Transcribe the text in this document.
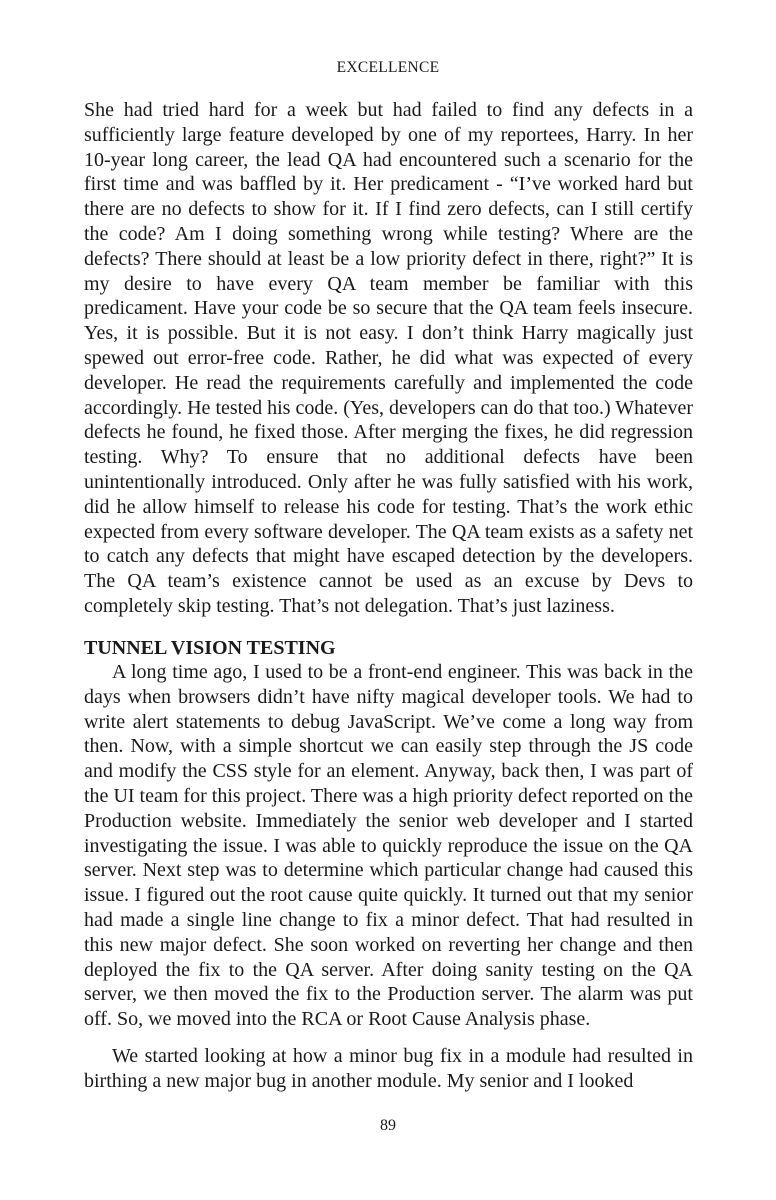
EXCELLENCE

She had tried hard for a week but had failed to find any defects in a sufficiently large feature developed by one of my reportees, Harry. In her 10-year long career, the lead QA had encountered such a scenario for the first time and was baffled by it. Her predicament - “I’ve worked hard but there are no defects to show for it. If I find zero defects, can I still certify the code? Am I doing something wrong while testing? Where are the defects? There should at least be a low priority defect in there, right?” It is my desire to have every QA team member be familiar with this predicament. Have your code be so secure that the QA team feels insecure. Yes, it is possible. But it is not easy. I don’t think Harry magically just spewed out error-free code. Rather, he did what was expected of every developer. He read the requirements carefully and implemented the code accordingly. He tested his code. (Yes, developers can do that too.) Whatever defects he found, he fixed those. After merging the fixes, he did regression testing. Why? To ensure that no additional defects have been unintentionally introduced. Only after he was fully satisfied with his work, did he allow himself to release his code for testing. That’s the work ethic expected from every software developer. The QA team exists as a safety net to catch any defects that might have escaped detection by the developers. The QA team’s existence cannot be used as an excuse by Devs to completely skip testing. That’s not delegation. That’s just laziness.

TUNNEL VISION TESTING

A long time ago, I used to be a front-end engineer. This was back in the days when browsers didn’t have nifty magical developer tools. We had to write alert statements to debug JavaScript. We’ve come a long way from then. Now, with a simple shortcut we can easily step through the JS code and modify the CSS style for an element. Anyway, back then, I was part of the UI team for this project. There was a high priority defect reported on the Production website. Immediately the senior web developer and I started investigating the issue. I was able to quickly reproduce the issue on the QA server. Next step was to determine which particular change had caused this issue. I figured out the root cause quite quickly. It turned out that my senior had made a single line change to fix a minor defect. That had resulted in this new major defect. She soon worked on reverting her change and then deployed the fix to the QA server. After doing sanity testing on the QA server, we then moved the fix to the Production server. The alarm was put off. So, we moved into the RCA or Root Cause Analysis phase.

We started looking at how a minor bug fix in a module had resulted in birthing a new major bug in another module. My senior and I looked

89
